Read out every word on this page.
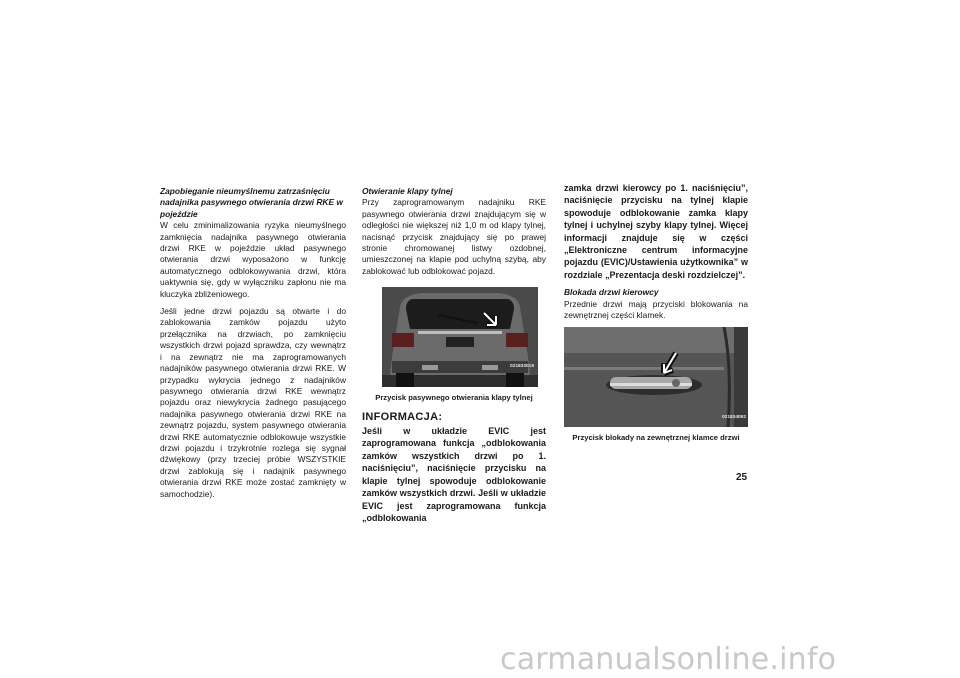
Zapobieganie nieumyślnemu zatrzaśnięciu nadajnika pasywnego otwierania drzwi RKE w pojeździe

W celu zminimalizowania ryzyka nieumyślnego zamknięcia nadajnika pasywnego otwierania drzwi RKE w pojeździe układ pasywnego otwierania drzwi wyposażono w funkcję automatycznego odblokowywania drzwi, która uaktywnia się, gdy w wyłączniku zapłonu nie ma kluczyka zbliżeniowego.

Jeśli jedne drzwi pojazdu są otwarte i do zablokowania zamków pojazdu użyto przełącznika na drzwiach, po zamknięciu wszystkich drzwi pojazd sprawdza, czy wewnątrz i na zewnątrz nie ma zaprogramowanych nadajników pasywnego otwierania drzwi RKE. W przypadku wykrycia jednego z nadajników pasywnego otwierania drzwi RKE wewnątrz pojazdu oraz niewykrycia żadnego pasującego nadajnika pasywnego otwierania drzwi RKE na zewnątrz pojazdu, system pasywnego otwierania drzwi RKE automatycznie odblokowuje wszystkie drzwi pojazdu i trzykrotnie rozlega się sygnał dźwiękowy (przy trzeciej próbie WSZYSTKIE drzwi zablokują się i nadajnik pasywnego otwierania drzwi RKE może zostać zamknięty w samochodzie).

Otwieranie klapy tylnej

Przy zaprogramowanym nadajniku RKE pasywnego otwierania drzwi znajdującym się w odległości nie większej niż 1,0 m od klapy tylnej, nacisnąć przycisk znajdujący się po prawej stronie chromowanej listwy ozdobnej, umieszczonej na klapie pod uchylną szybą, aby zablokować lub odblokować pojazd.

021833019
Przycisk pasywnego otwierania klapy tylnej
INFORMACJA:

Jeśli w układzie EVIC jest zaprogramowana funkcja „odblokowania zamków wszystkich drzwi po 1. naciśnięciu”, naciśnięcie przycisku na klapie tylnej spowoduje odblokowanie zamków wszystkich drzwi. Jeśli w układzie EVIC jest zaprogramowana funkcja „odblokowania

zamka drzwi kierowcy po 1. naciśnięciu”, naciśnięcie przycisku na tylnej klapie spowoduje odblokowanie zamka klapy tylnej i uchylnej szyby klapy tylnej. Więcej informacji znajduje się w części „Elektroniczne centrum informacyjne pojazdu (EVIC)/Ustawienia użytkownika” w rozdziale „Prezentacja deski rozdzielczej”.

Blokada drzwi kierowcy

Przednie drzwi mają przyciski blokowania na zewnętrznej części klamek.

021834092
Przycisk blokady na zewnętrznej klamce drzwi
25
carmanualsonline.info
